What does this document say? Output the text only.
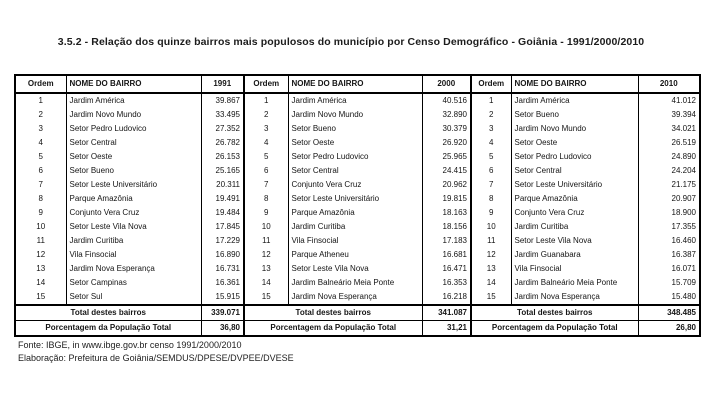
3.5.2 - Relação dos quinze bairros mais populosos do município por Censo Demográfico - Goiânia - 1991/2000/2010
Ordem	NOME DO BAIRRO	1991	Ordem	NOME DO BAIRRO	2000	Ordem	NOME DO BAIRRO	2010
1	Jardim América	39.867	1	Jardim América	40.516	1	Jardim América	41.012
2	Jardim Novo Mundo	33.495	2	Jardim Novo Mundo	32.890	2	Setor Bueno	39.394
3	Setor Pedro Ludovico	27.352	3	Setor Bueno	30.379	3	Jardim Novo Mundo	34.021
4	Setor Central	26.782	4	Setor Oeste	26.920	4	Setor Oeste	26.519
5	Setor Oeste	26.153	5	Setor Pedro Ludovico	25.965	5	Setor Pedro Ludovico	24.890
6	Setor Bueno	25.165	6	Setor Central	24.415	6	Setor Central	24.204
7	Setor Leste Universitário	20.311	7	Conjunto Vera Cruz	20.962	7	Setor Leste Universitário	21.175
8	Parque Amazônia	19.491	8	Setor Leste Universitário	19.815	8	Parque Amazônia	20.907
9	Conjunto Vera Cruz	19.484	9	Parque Amazônia	18.163	9	Conjunto Vera Cruz	18.900
10	Setor Leste Vila Nova	17.845	10	Jardim Curitiba	18.156	10	Jardim Curitiba	17.355
11	Jardim Curitiba	17.229	11	Vila Finsocial	17.183	11	Setor Leste Vila Nova	16.460
12	Vila Finsocial	16.890	12	Parque Atheneu	16.681	12	Jardim Guanabara	16.387
13	Jardim Nova Esperança	16.731	13	Setor Leste Vila Nova	16.471	13	Vila Finsocial	16.071
14	Setor Campinas	16.361	14	Jardim Balneário Meia Ponte	16.353	14	Jardim Balneário Meia Ponte	15.709
15	Setor Sul	15.915	15	Jardim Nova Esperança	16.218	15	Jardim Nova Esperança	15.480
Total destes bairros		339.071	Total destes bairros		341.087	Total destes bairros		348.485
Porcentagem da População Total		36,80	Porcentagem da População Total		31,21	Porcentagem da População Total		26,80
Fonte: IBGE, in www.ibge.gov.br censo 1991/2000/2010
Elaboração: Prefeitura de Goiânia/SEMDUS/DPESE/DVPEE/DVESE
